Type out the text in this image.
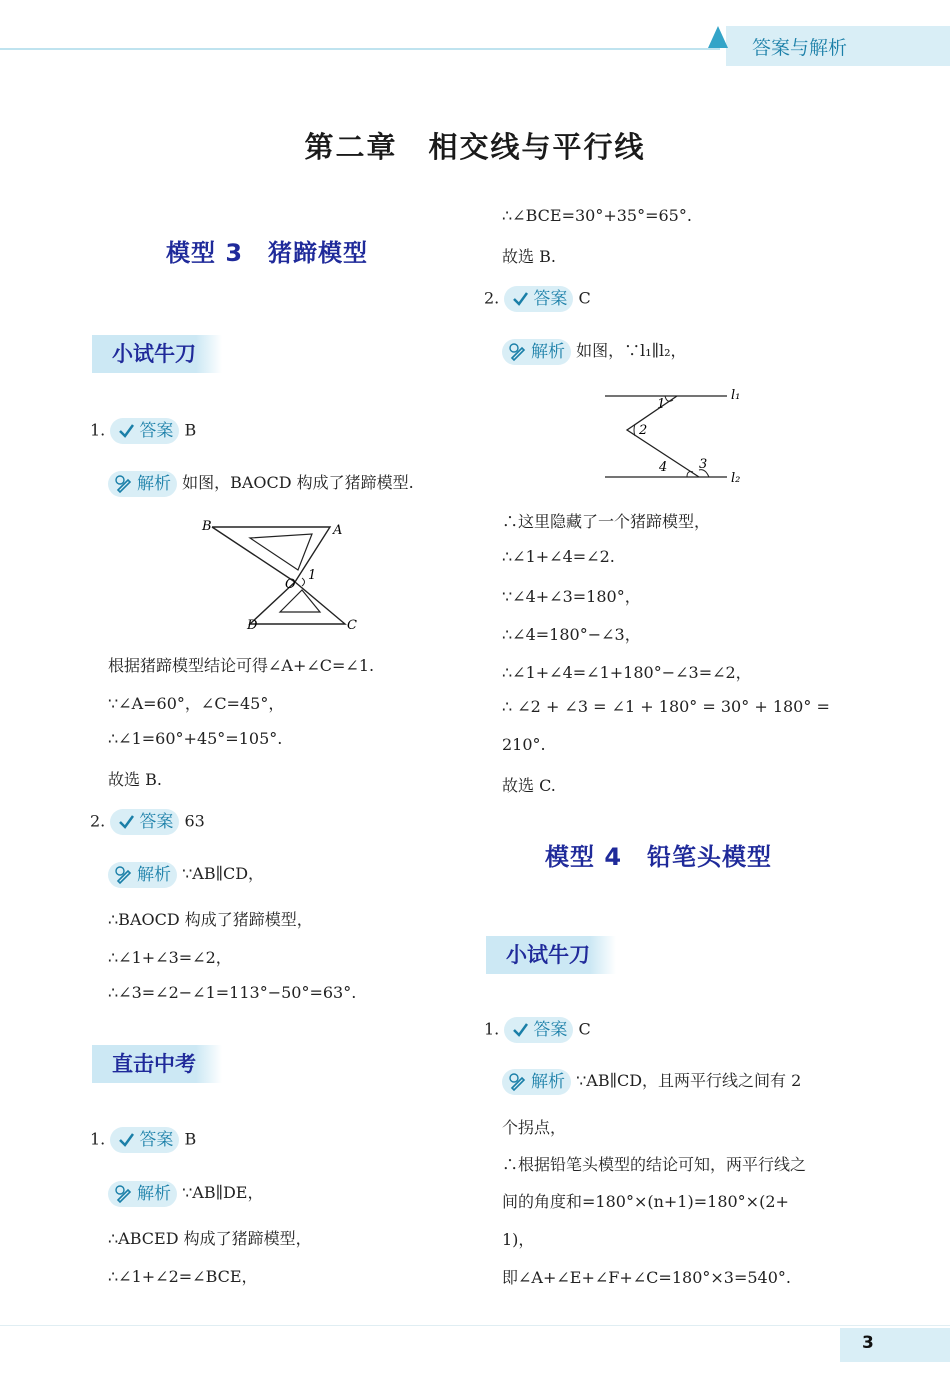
答案与解析
第二章　相交线与平行线
模型 3　猪蹄模型
小试牛刀
1. 答案 B
解析 如图，BAOCD 构成了猪蹄模型.
B	A
O
1
D	C
根据猪蹄模型结论可得∠A+∠C=∠1.
∵∠A=60°，∠C=45°，
∴∠1=60°+45°=105°.
故选 B.
2. 答案 63
解析 ∵AB∥CD，
∴BAOCD 构成了猪蹄模型，
∴∠1+∠3=∠2，
∴∠3=∠2−∠1=113°−50°=63°.
直击中考
1. 答案 B
解析 ∵AB∥DE，
∴ABCED 构成了猪蹄模型，
∴∠1+∠2=∠BCE，
∴∠BCE=30°+35°=65°.
故选 B.
2. 答案 C
解析 如图，∵l₁∥l₂，
l₁
l₂
1
2
3
4
∴这里隐藏了一个猪蹄模型，
∴∠1+∠4=∠2.
∵∠4+∠3=180°，
∴∠4=180°−∠3，
∴∠1+∠4=∠1+180°−∠3=∠2，
∴ ∠2 + ∠3 = ∠1 + 180° = 30° + 180° =
210°.
故选 C.
模型 4　铅笔头模型
小试牛刀
1. 答案 C
解析 ∵AB∥CD，且两平行线之间有 2
个拐点，
∴根据铅笔头模型的结论可知，两平行线之
间的角度和=180°×(n+1)=180°×(2+
1)，
即∠A+∠E+∠F+∠C=180°×3=540°.
3
